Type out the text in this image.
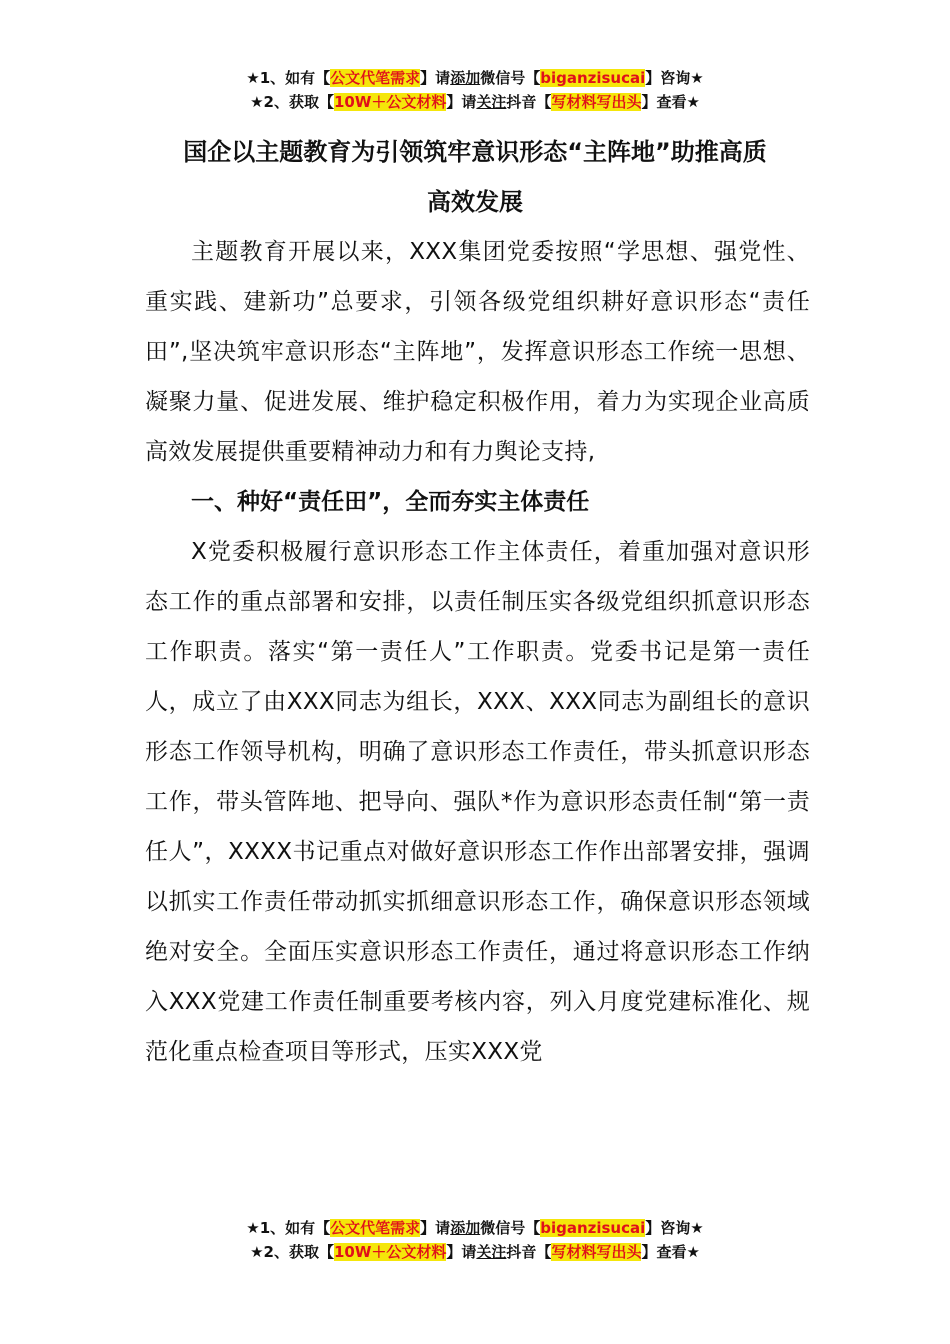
★1、如有【公文代笔需求】请添加微信号【biganzisucai】咨询★
★2、获取【10W＋公文材料】请关注抖音【写材料写出头】查看★
国企以主题教育为引领筑牢意识形态“主阵地”助推高质
高效发展

主题教育开展以来，XXX集团党委按照“学思想、强党性、重实践、建新功”总要求，引领各级党组织耕好意识形态“责任田”,坚决筑牢意识形态“主阵地”，发挥意识形态工作统一思想、凝聚力量、促进发展、维护稳定积极作用，着力为实现企业高质高效发展提供重要精神动力和有力舆论支持,

一、种好“责任田”，全而夯实主体责任

X党委积极履行意识形态工作主体责任，着重加强对意识形态工作的重点部署和安排，以责任制压实各级党组织抓意识形态工作职责。落实“第一责任人”工作职责。党委书记是第一责任人，成立了由XXX同志为组长，XXX、XXX同志为副组长的意识形态工作领导机构，明确了意识形态工作责任，带头抓意识形态工作，带头管阵地、把导向、强队*作为意识形态责任制“第一责任人”，XXXX书记重点对做好意识形态工作作出部署安排，强调以抓实工作责任带动抓实抓细意识形态工作，确保意识形态领域绝对安全。全面压实意识形态工作责任，通过将意识形态工作纳入XXX党建工作责任制重要考核内容，列入月度党建标准化、规范化重点检查项目等形式，压实XXX党

★1、如有【公文代笔需求】请添加微信号【biganzisucai】咨询★
★2、获取【10W＋公文材料】请关注抖音【写材料写出头】查看★
